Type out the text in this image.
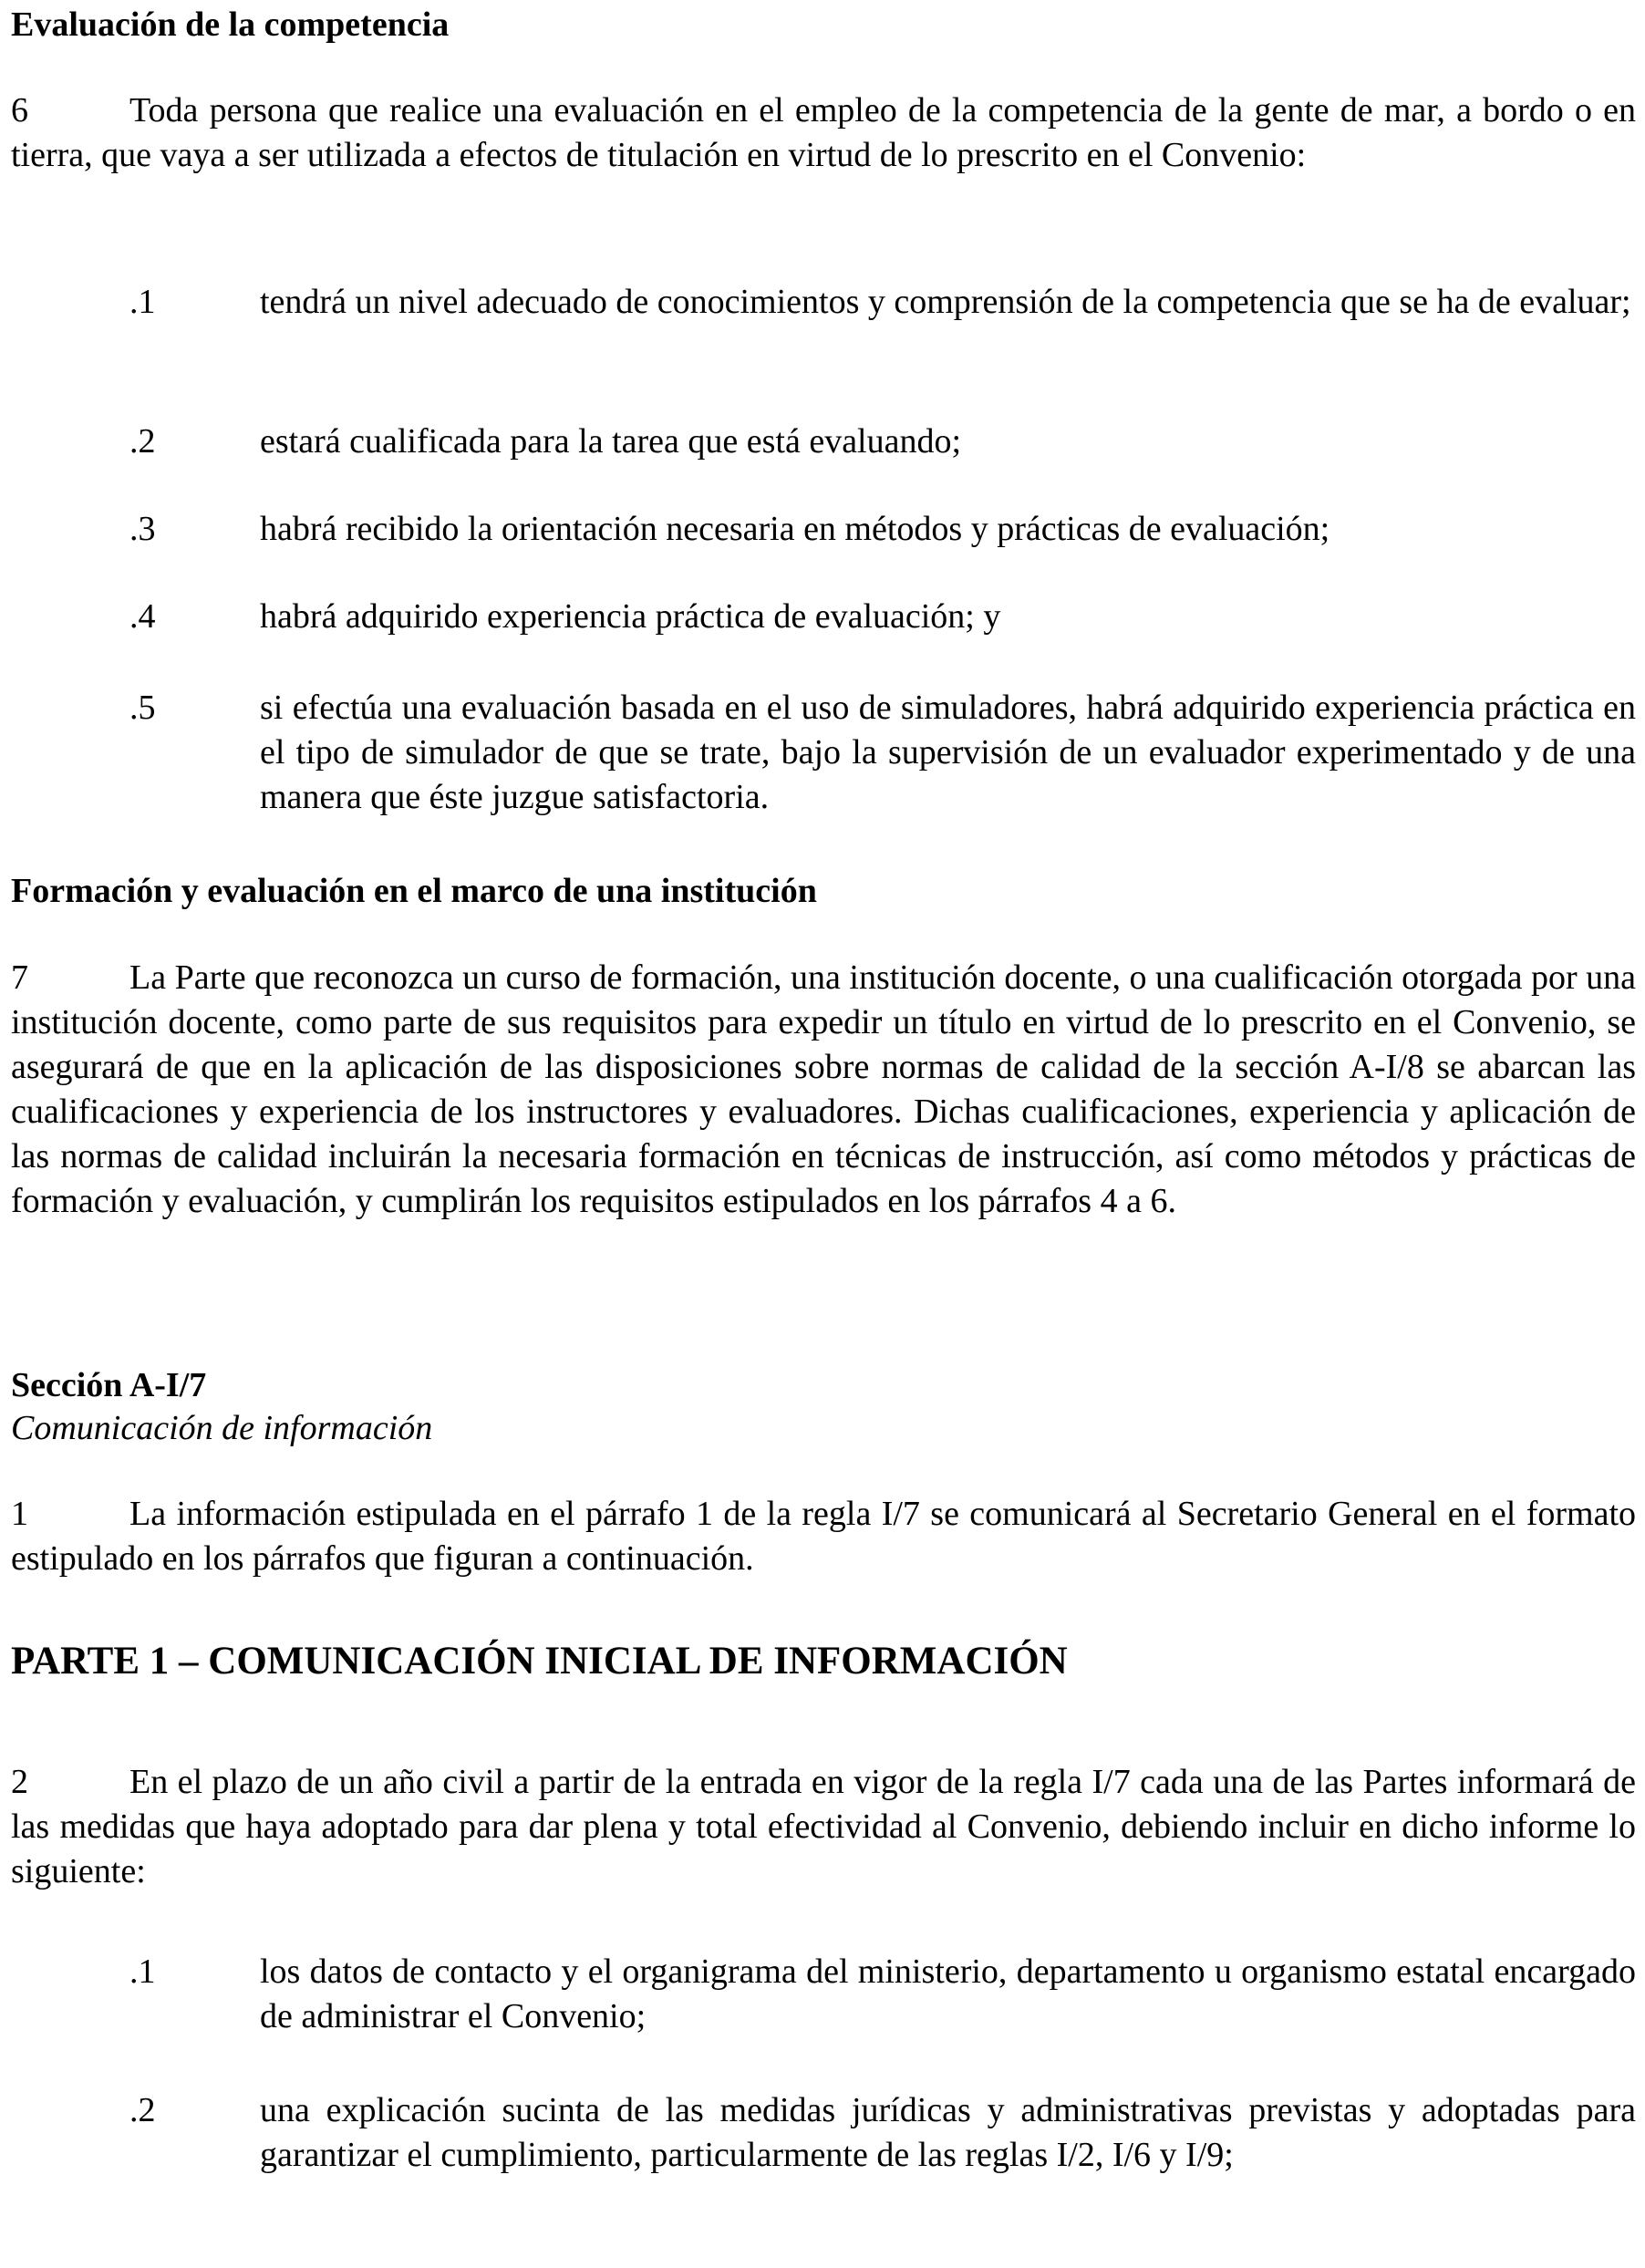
Evaluación de la competencia
6	Toda persona que realice una evaluación en el empleo de la competencia de la gente de mar, a bordo o en tierra, que vaya a ser utilizada a efectos de titulación en virtud de lo prescrito en el Convenio:
.1	tendrá un nivel adecuado de conocimientos y comprensión de la competencia que se ha de evaluar;
.2	estará cualificada para la tarea que está evaluando;
.3	habrá recibido la orientación necesaria en métodos y prácticas de evaluación;
.4	habrá adquirido experiencia práctica de evaluación; y
.5	si efectúa una evaluación basada en el uso de simuladores, habrá adquirido experiencia práctica en el tipo de simulador de que se trate, bajo la supervisión de un evaluador experimentado y de una manera que éste juzgue satisfactoria.
Formación y evaluación en el marco de una institución
7	La Parte que reconozca un curso de formación, una institución docente, o una cualificación otorgada por una institución docente, como parte de sus requisitos para expedir un título en virtud de lo prescrito en el Convenio, se asegurará de que en la aplicación de las disposiciones sobre normas de calidad de la sección A-I/8 se abarcan las cualificaciones y experiencia de los instructores y evaluadores. Dichas cualificaciones, experiencia y aplicación de las normas de calidad incluirán la necesaria formación en técnicas de instrucción, así como métodos y prácticas de formación y evaluación, y cumplirán los requisitos estipulados en los párrafos 4 a 6.
Sección A-I/7
Comunicación de información
1	La información estipulada en el párrafo 1 de la regla I/7 se comunicará al Secretario General en el formato estipulado en los párrafos que figuran a continuación.
PARTE 1 – COMUNICACIÓN INICIAL DE INFORMACIÓN
2	En el plazo de un año civil a partir de la entrada en vigor de la regla I/7 cada una de las Partes informará de las medidas que haya adoptado para dar plena y total efectividad al Convenio, debiendo incluir en dicho informe lo siguiente:
.1	los datos de contacto y el organigrama del ministerio, departamento u organismo estatal encargado de administrar el Convenio;
.2	una explicación sucinta de las medidas jurídicas y administrativas previstas y adoptadas para garantizar el cumplimiento, particularmente de las reglas I/2, I/6 y I/9;
